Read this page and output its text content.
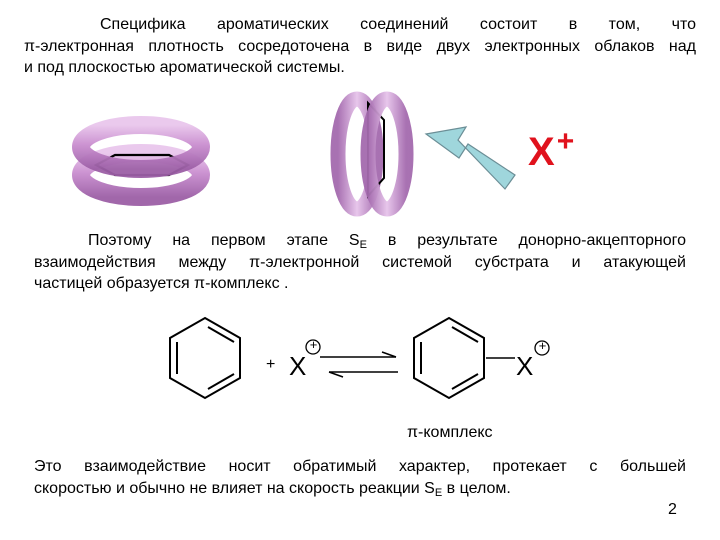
Специфика ароматических соединений состоит в том, что
π-электронная плотность сосредоточена в виде двух электронных облаков над
и под плоскостью ароматической системы.
X+
Поэтому на первом этапе $S_E$ в результате донорно-акцепторного
взаимодействия между π-электронной системой субстрата и атакующей
частицей образуется π-комплекс .
+ X
+
X
+
π-комплекс
Это взаимодействие носит обратимый характер, протекает с большей
скоростью и обычно не влияет на скорость реакции $S_E$ в целом.
2
